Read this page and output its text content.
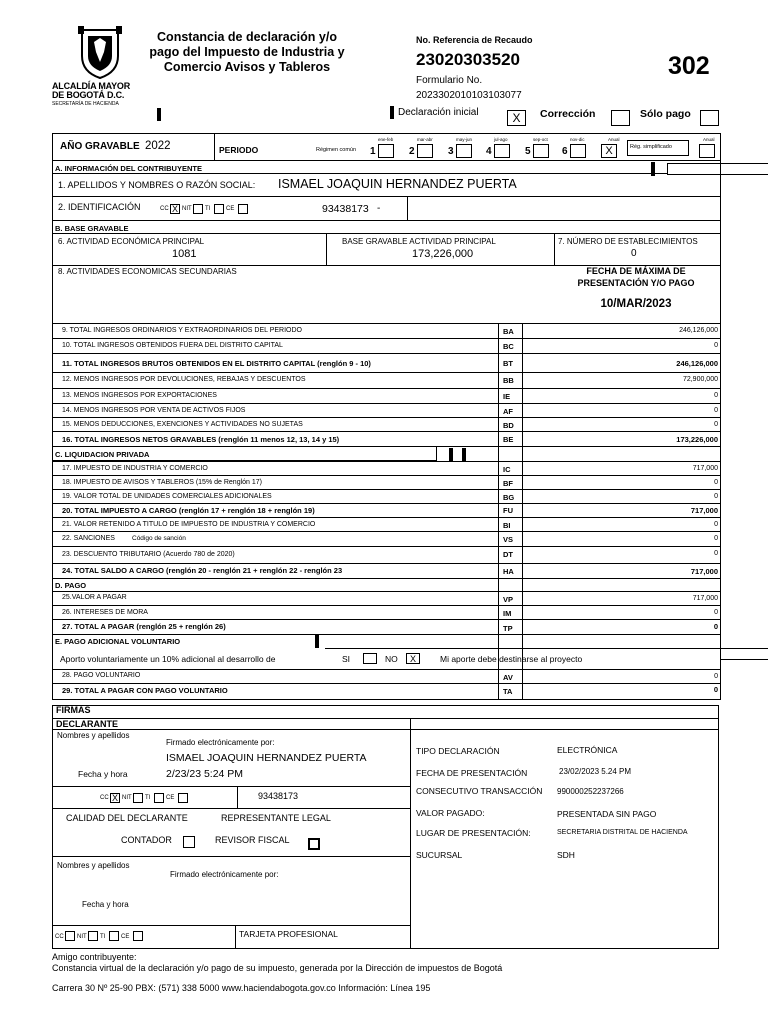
ALCALDÍA MAYOR
DE BOGOTÁ D.C.
SECRETARÍA DE HACIENDA
Constancia de declaración y/o
pago del Impuesto de Industria y
Comercio Avisos y Tableros
No. Referencia de Recaudo
23020303520
Formulario No.
2023302010103103077
302
Declaración inicial	X	Corrección	Sólo pago
AÑO GRAVABLE 2022	PERIODO	Régimen común
ene-feb
1
mar-abr
2
may-jun
3
jul-ago
4
sep-oct
5
nov-dic
6
Anual
X	Rég. simplificado
Anual
A. INFORMACIÓN DEL CONTRIBUYENTE
1. APELLIDOS Y NOMBRES O RAZÓN SOCIAL: ISMAEL JOAQUIN HERNANDEZ PUERTA
2. IDENTIFICACIÓN	CC X NIT TI	CE	93438173 -
B. BASE GRAVABLE
6. ACTIVIDAD ECONÓMICA PRINCIPAL
1081
BASE GRAVABLE ACTIVIDAD PRINCIPAL
173,226,000
7. NÚMERO DE ESTABLECIMIENTOS
0
8. ACTIVIDADES ECONOMICAS SECUNDARIAS	FECHA DE MÁXIMA DE
PRESENTACIÓN Y/O PAGO
10/MAR/2023
9. TOTAL INGRESOS ORDINARIOS Y EXTRAORDINARIOS DEL PERIODO	BA	246,126,000
10. TOTAL INGRESOS OBTENIDOS FUERA DEL DISTRITO CAPITAL	BC	0
11. TOTAL INGRESOS BRUTOS OBTENIDOS EN EL DISTRITO CAPITAL (renglón 9 - 10)	BT	246,126,000
12. MENOS INGRESOS POR DEVOLUCIONES, REBAJAS Y DESCUENTOS	BB	72,900,000
13. MENOS INGRESOS POR EXPORTACIONES	IE	0
14. MENOS INGRESOS POR VENTA DE ACTIVOS FIJOS	AF	0
15. MENOS DEDUCCIONES, EXENCIONES Y ACTIVIDADES NO SUJETAS	BD	0
16. TOTAL INGRESOS NETOS GRAVABLES (renglón 11 menos 12, 13, 14 y 15)	BE	173,226,000
C. LIQUIDACION PRIVADA
17. IMPUESTO DE INDUSTRIA Y COMERCIO	IC	717,000
18. IMPUESTO DE AVISOS Y TABLEROS (15% de Renglón 17)	BF	0
19. VALOR TOTAL DE UNIDADES COMERCIALES ADICIONALES	BG	0
20. TOTAL IMPUESTO A CARGO (renglón 17 + renglón 18 + renglón 19)	FU	717,000
21. VALOR RETENIDO A TITULO DE IMPUESTO DE INDUSTRIA Y COMERCIO	BI	0
22. SANCIONES	Código de sanción	VS	0
23. DESCUENTO TRIBUTARIO (Acuerdo 780 de 2020)	DT	0
24. TOTAL SALDO A CARGO (renglón 20 - renglón 21 + renglón 22 - renglón 23	HA	717,000
D. PAGO
25.VALOR A PAGAR	VP	717,000
26. INTERESES DE MORA	IM	0
27. TOTAL A PAGAR (renglón 25 + renglón 26)	TP	0
E. PAGO ADICIONAL VOLUNTARIO
Aporto voluntariamente un 10% adicional al desarrollo de	SI	NO	X	Mi aporte debe destinarse al proyecto
28. PAGO VOLUNTARIO	AV	0
29. TOTAL A PAGAR CON PAGO VOLUNTARIO	TA	0
FIRMAS
DECLARANTE
Nombres y apellidos
Firmado electrónicamente por:
ISMAEL JOAQUIN HERNANDEZ PUERTA
Fecha y hora	2/23/23 5:24 PM
CC X NIT TI	CE	93438173
CALIDAD DEL DECLARANTE	REPRESENTANTE LEGAL
CONTADOR	REVISOR FISCAL
Nombres y apellidos
Firmado electrónicamente por:
Fecha y hora
CC NIT TI	CE	TARJETA PROFESIONAL
TIPO DECLARACIÓN	ELECTRÓNICA
FECHA DE PRESENTACIÓN	23/02/2023 5.24 PM
CONSECUTIVO TRANSACCIÓN 990000252237266
VALOR PAGADO:	PRESENTADA SIN PAGO
LUGAR DE PRESENTACIÓN:	SECRETARIA DISTRITAL DE HACIENDA
SUCURSAL	SDH
Amigo contribuyente:
Constancia virtual de la declaración y/o pago de su impuesto, generada por la Dirección de impuestos de Bogotá
Carrera 30 Nº 25-90 PBX: (571) 338 5000 www.haciendabogota.gov.co Información: Línea 195
